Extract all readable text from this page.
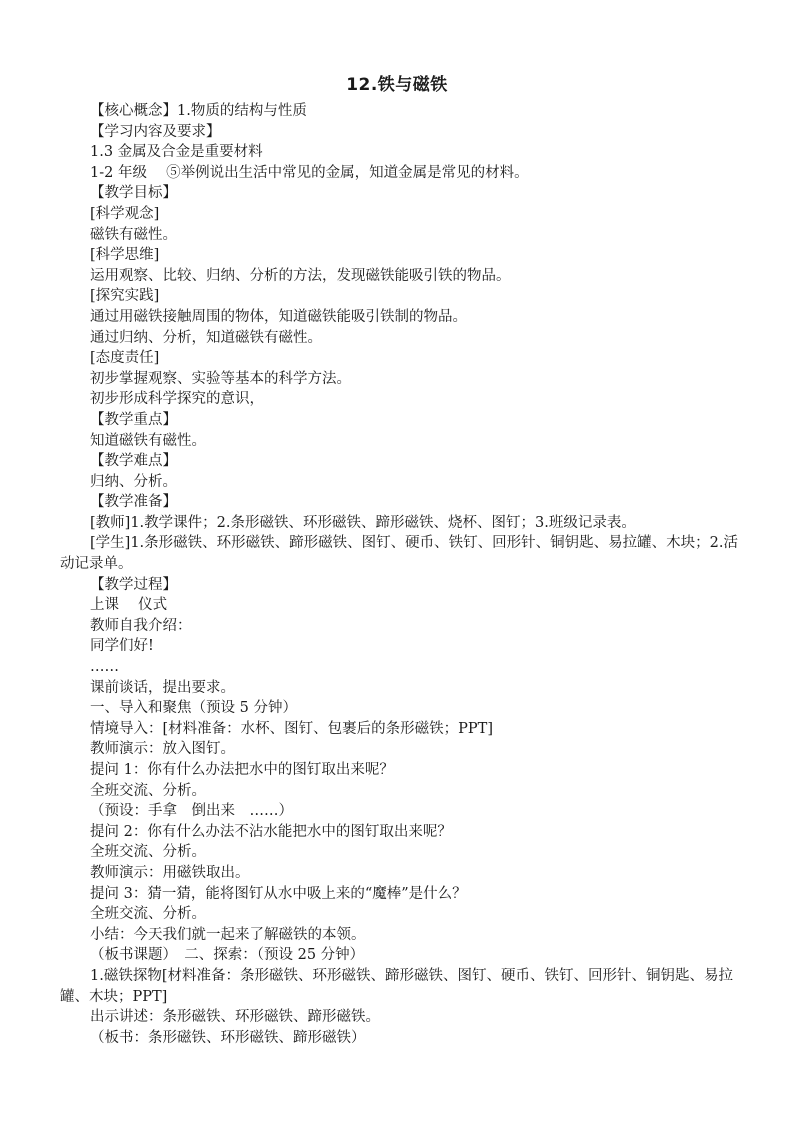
12.铁与磁铁
【核心概念】1.物质的结构与性质
【学习内容及要求】
1.3 金属及合金是重要材料
1-2 年级　 ⑤举例说出生活中常见的金属，知道金属是常见的材料。
【教学目标】
[科学观念]
磁铁有磁性。
[科学思维]
运用观察、比较、归纳、分析的方法，发现磁铁能吸引铁的物品。
[探究实践]
通过用磁铁接触周围的物体，知道磁铁能吸引铁制的物品。
通过归纳、分析，知道磁铁有磁性。
[态度责任]
初步掌握观察、实验等基本的科学方法。
初步形成科学探究的意识，
【教学重点】
知道磁铁有磁性。
【教学难点】
归纳、分析。
【教学准备】
[教师]1.教学课件；2.条形磁铁、环形磁铁、蹄形磁铁、烧杯、图钉；3.班级记录表。
[学生]1.条形磁铁、环形磁铁、蹄形磁铁、图钉、硬币、铁钉、回形针、铜钥匙、易拉罐、木块；2.活动记录单。
【教学过程】
上课　 仪式
教师自我介绍：
同学们好!
……
课前谈话，提出要求。
一、导入和聚焦（预设 5 分钟）
情境导入：[材料准备：水杯、图钉、包裹后的条形磁铁；PPT]
教师演示：放入图钉。
提问 1：你有什么办法把水中的图钉取出来呢？
全班交流、分析。
（预设：手拿　倒出来　……）
提问 2：你有什么办法不沾水能把水中的图钉取出来呢？
全班交流、分析。
教师演示：用磁铁取出。
提问 3：猜一猜，能将图钉从水中吸上来的“魔棒”是什么？
全班交流、分析。
小结：今天我们就一起来了解磁铁的本领。
（板书课题）　二、探索：（预设 25 分钟）
1.磁铁探物[材料准备：条形磁铁、环形磁铁、蹄形磁铁、图钉、硬币、铁钉、回形针、铜钥匙、易拉罐、木块；PPT]
出示讲述：条形磁铁、环形磁铁、蹄形磁铁。
（板书：条形磁铁、环形磁铁、蹄形磁铁）
